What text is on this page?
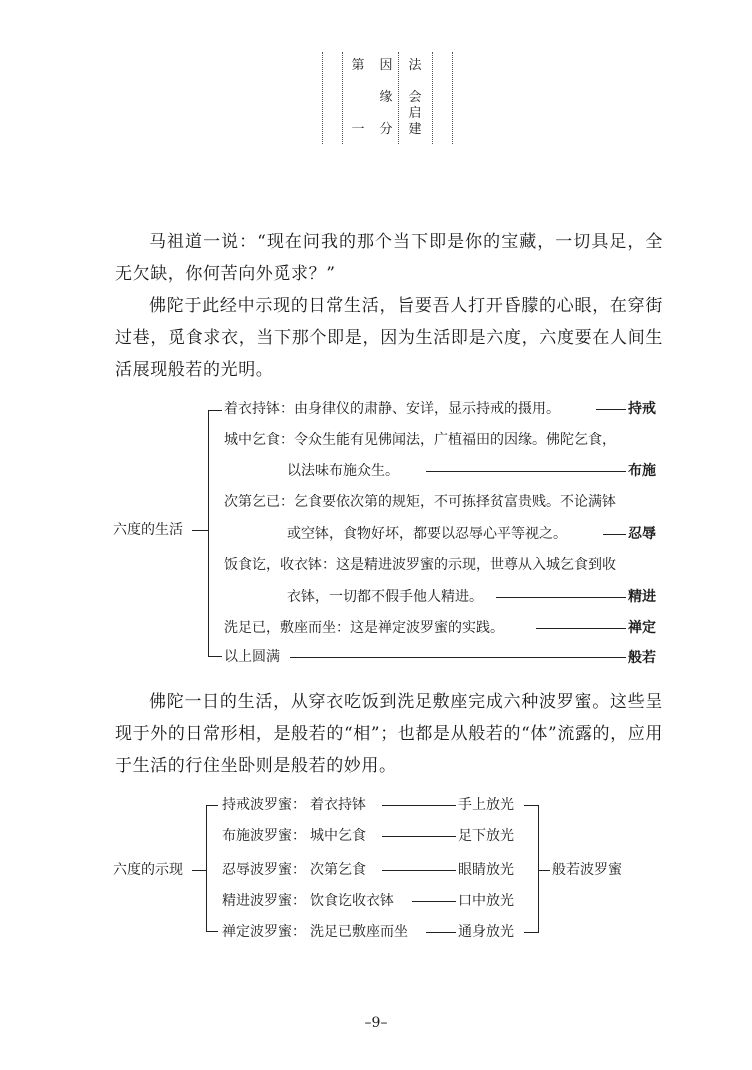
第
一
因
缘
分
法
会
启
建

马祖道一说：“现在问我的那个当下即是你的宝藏，一切具足，全无欠缺，你何苦向外觅求？”

佛陀于此经中示现的日常生活，旨要吾人打开昏朦的心眼，在穿街过巷，觅食求衣，当下那个即是，因为生活即是六度，六度要在人间生活展现般若的光明。

六度的生活
着衣持钵：由身律仪的肃静、安详，显示持戒的摄用。	持戒
城中乞食：令众生能有见佛闻法，广植福田的因缘。佛陀乞食，
以法味布施众生。	布施
次第乞已：乞食要依次第的规矩，不可拣择贫富贵贱。不论满钵
或空钵，食物好坏，都要以忍辱心平等视之。	忍辱
饭食讫，收衣钵：这是精进波罗蜜的示现，世尊从入城乞食到收
衣钵，一切都不假手他人精进。	精进
洗足已，敷座而坐：这是禅定波罗蜜的实践。	禅定
以上圆满	般若

佛陀一日的生活，从穿衣吃饭到洗足敷座完成六种波罗蜜。这些呈现于外的日常形相，是般若的“相”；也都是从般若的“体”流露的，应用于生活的行住坐卧则是般若的妙用。

六度的示现
持戒波罗蜜： 着衣持钵	手上放光
布施波罗蜜： 城中乞食	足下放光
忍辱波罗蜜： 次第乞食	眼睛放光
精进波罗蜜： 饮食讫收衣钵	口中放光
禅定波罗蜜： 洗足已敷座而坐	通身放光
般若波罗蜜
–9–
